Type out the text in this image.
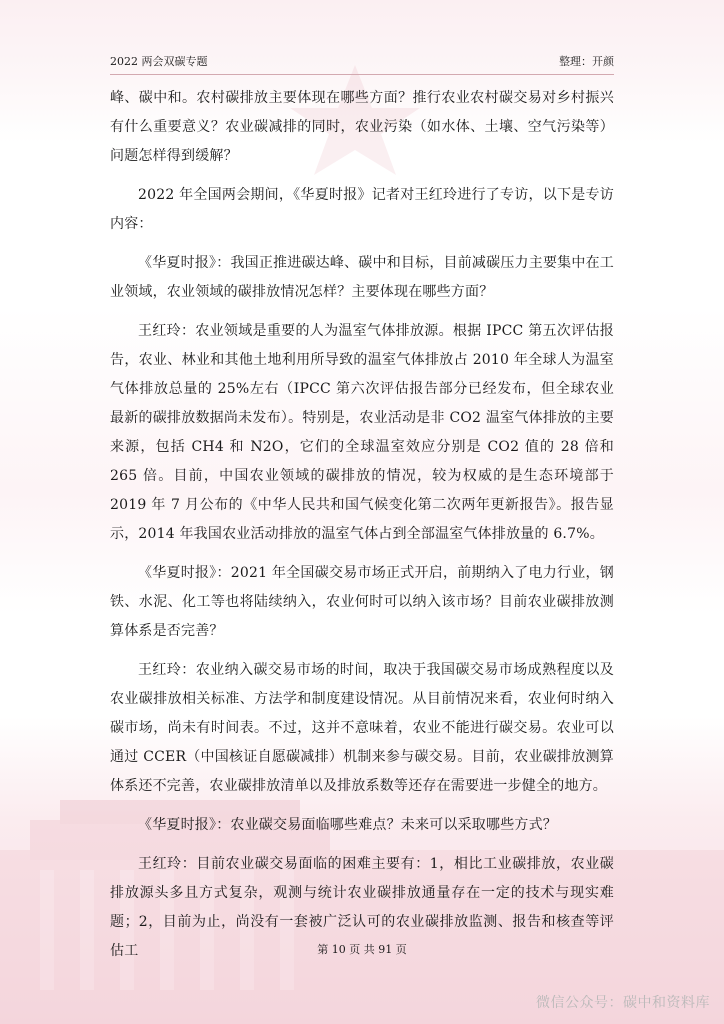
2022 两会双碳专题	整理：开颜

峰、碳中和。农村碳排放主要体现在哪些方面？推行农业农村碳交易对乡村振兴有什么重要意义？农业碳减排的同时，农业污染（如水体、土壤、空气污染等）问题怎样得到缓解？

2022 年全国两会期间，《华夏时报》记者对王红玲进行了专访，以下是专访内容：

《华夏时报》：我国正推进碳达峰、碳中和目标，目前减碳压力主要集中在工业领域，农业领域的碳排放情况怎样？主要体现在哪些方面？

王红玲：农业领域是重要的人为温室气体排放源。根据 IPCC 第五次评估报告，农业、林业和其他土地利用所导致的温室气体排放占 2010 年全球人为温室气体排放总量的 25%左右（IPCC 第六次评估报告部分已经发布，但全球农业最新的碳排放数据尚未发布）。特别是，农业活动是非 CO2 温室气体排放的主要来源，包括 CH4 和 N2O，它们的全球温室效应分别是 CO2 值的 28 倍和 265 倍。目前，中国农业领域的碳排放的情况，较为权威的是生态环境部于 2019 年 7 月公布的《中华人民共和国气候变化第二次两年更新报告》。报告显示，2014 年我国农业活动排放的温室气体占到全部温室气体排放量的 6.7%。

《华夏时报》：2021 年全国碳交易市场正式开启，前期纳入了电力行业，钢铁、水泥、化工等也将陆续纳入，农业何时可以纳入该市场？目前农业碳排放测算体系是否完善？

王红玲：农业纳入碳交易市场的时间，取决于我国碳交易市场成熟程度以及农业碳排放相关标准、方法学和制度建设情况。从目前情况来看，农业何时纳入碳市场，尚未有时间表。不过，这并不意味着，农业不能进行碳交易。农业可以通过 CCER（中国核证自愿碳减排）机制来参与碳交易。目前，农业碳排放测算体系还不完善，农业碳排放清单以及排放系数等还存在需要进一步健全的地方。

《华夏时报》：农业碳交易面临哪些难点？未来可以采取哪些方式？

王红玲：目前农业碳交易面临的困难主要有：1，相比工业碳排放，农业碳排放源头多且方式复杂，观测与统计农业碳排放通量存在一定的技术与现实难题；2，目前为止，尚没有一套被广泛认可的农业碳排放监测、报告和核查等评估工	第 10 页 共 91 页
微信公众号：碳中和资料库
